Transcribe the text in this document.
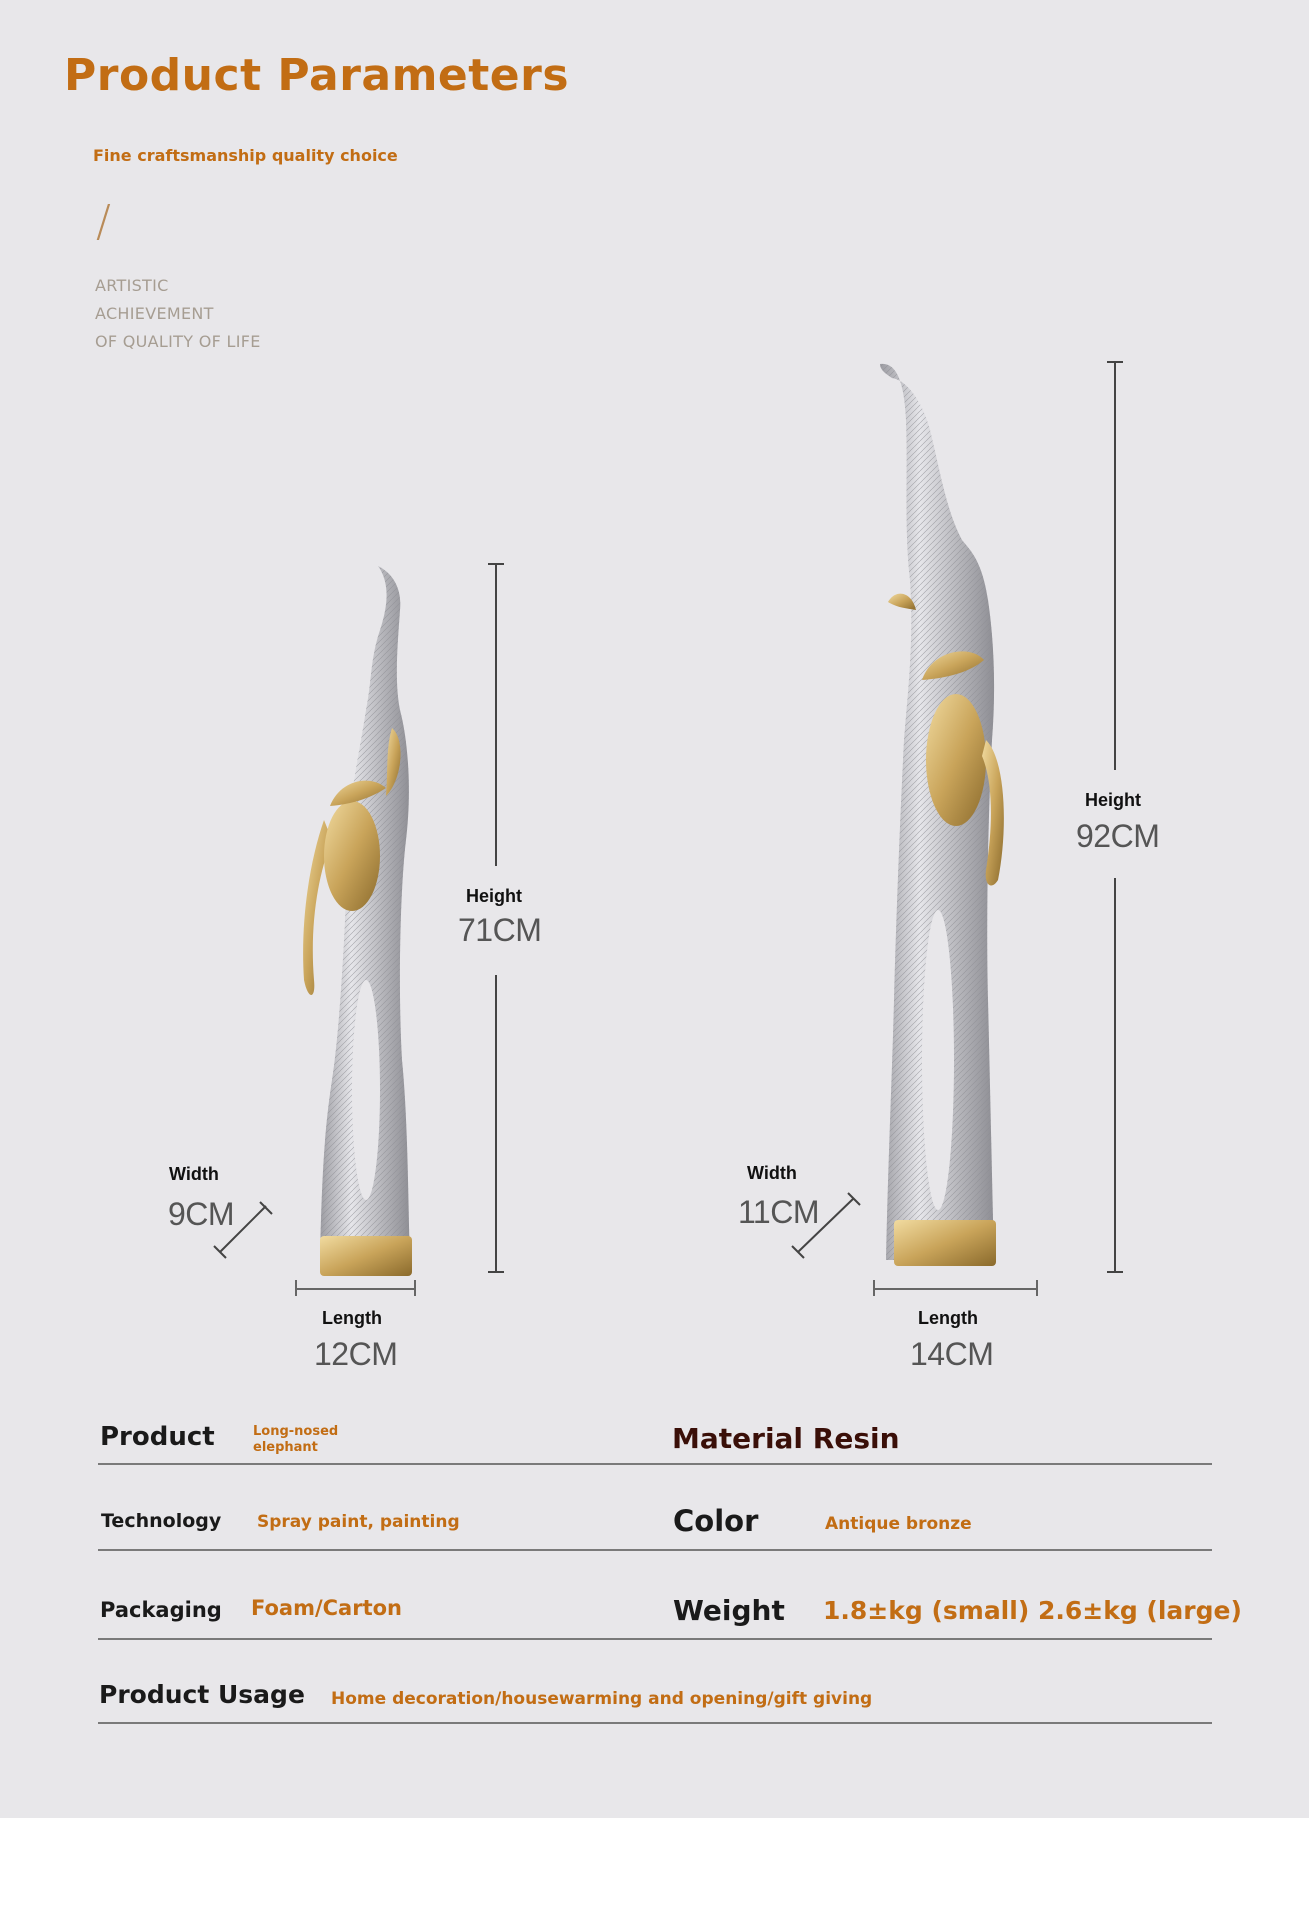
Product Parameters
Fine craftsmanship quality choice
/
ARTISTIC
ACHIEVEMENT
OF QUALITY OF LIFE
Height
71CM
Width
9CM
Length
12CM
Height
92CM
Width
11CM
Length
14CM
Product	Long-nosed elephant	Material Resin
Technology Spray paint, painting	Color	Antique bronze
Packaging Foam/Carton	Weight 1.8±kg (small) 2.6±kg (large)
Product Usage Home decoration/housewarming and opening/gift giving
